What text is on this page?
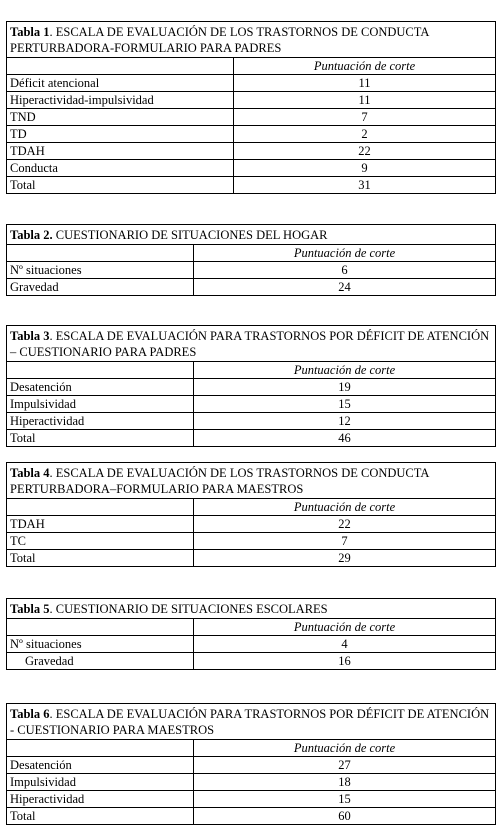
Tabla 1. ESCALA DE EVALUACIÓN DE LOS TRASTORNOS DE CONDUCTA PERTURBADORA-FORMULARIO PARA PADRES	
	Puntuación de corte
Déficit atencional	11
Hiperactividad-impulsividad	11
TND	7
TD	2
TDAH	22
Conducta	9
Total	31
Tabla 2. CUESTIONARIO DE SITUACIONES DEL HOGAR	
	Puntuación de corte
Nº situaciones	6
Gravedad	24
Tabla 3. ESCALA DE EVALUACIÓN PARA TRASTORNOS POR DÉFICIT DE ATENCIÓN – CUESTIONARIO PARA PADRES	
	Puntuación de corte
Desatención	19
Impulsividad	15
Hiperactividad	12
Total	46
Tabla 4. ESCALA DE EVALUACIÓN DE LOS TRASTORNOS DE CONDUCTA PERTURBADORA–FORMULARIO PARA MAESTROS	
	Puntuación de corte
TDAH	22
TC	7
Total	29
Tabla 5. CUESTIONARIO DE SITUACIONES ESCOLARES	
	Puntuación de corte
Nº situaciones	4
Gravedad	16
Tabla 6. ESCALA DE EVALUACIÓN PARA TRASTORNOS POR DÉFICIT DE ATENCIÓN - CUESTIONARIO PARA MAESTROS	
	Puntuación de corte
Desatención	27
Impulsividad	18
Hiperactividad	15
Total	60
